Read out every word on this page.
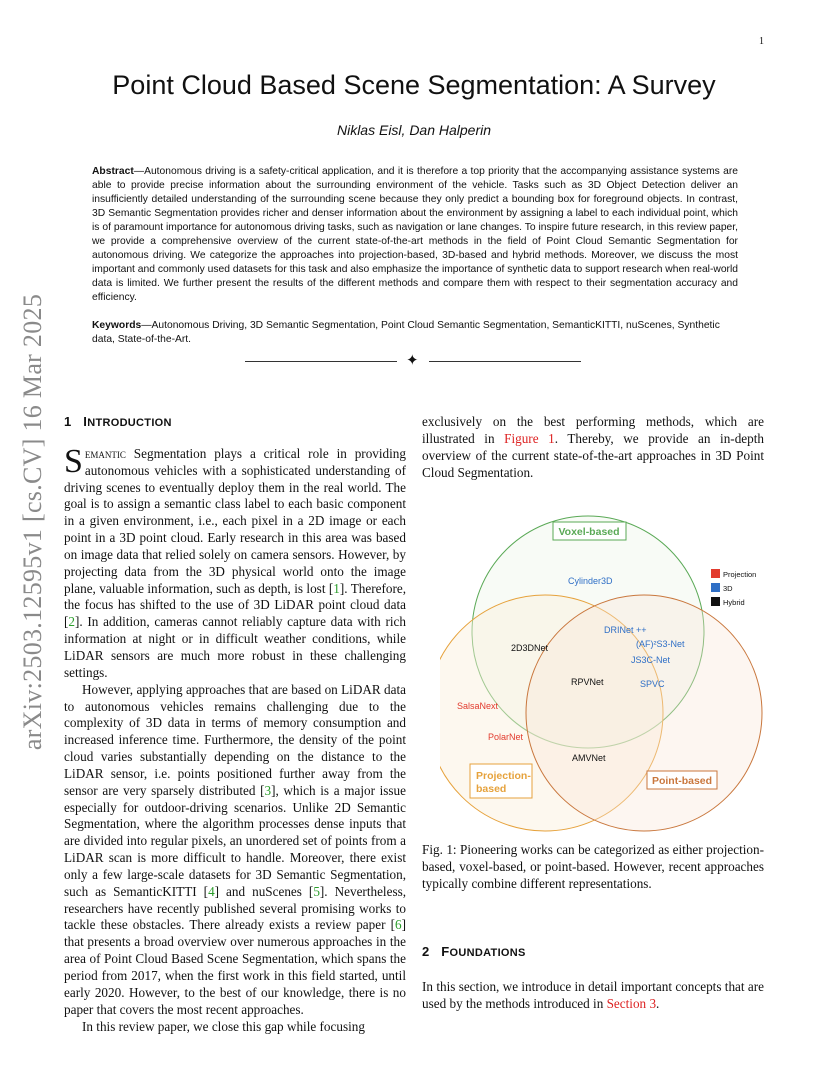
1
arXiv:2503.12595v1 [cs.CV] 16 Mar 2025
Point Cloud Based Scene Segmentation: A Survey
Niklas Eisl, Dan Halperin
Abstract—Autonomous driving is a safety-critical application, and it is therefore a top priority that the accompanying assistance systems are able to provide precise information about the surrounding environment of the vehicle. Tasks such as 3D Object Detection deliver an insufficiently detailed understanding of the surrounding scene because they only predict a bounding box for foreground objects. In contrast, 3D Semantic Segmentation provides richer and denser information about the environment by assigning a label to each individual point, which is of paramount importance for autonomous driving tasks, such as navigation or lane changes. To inspire future research, in this review paper, we provide a comprehensive overview of the current state-of-the-art methods in the field of Point Cloud Semantic Segmentation for autonomous driving. We categorize the approaches into projection-based, 3D-based and hybrid methods. Moreover, we discuss the most important and commonly used datasets for this task and also emphasize the importance of synthetic data to support research when real-world data is limited. We further present the results of the different methods and compare them with respect to their segmentation accuracy and efficiency.
Keywords—Autonomous Driving, 3D Semantic Segmentation, Point Cloud Semantic Segmentation, SemanticKITTI, nuScenes, Synthetic data, State-of-the-Art.
✦
1 INTRODUCTION

Semantic Segmentation plays a critical role in providing autonomous vehicles with a sophisticated understanding of driving scenes to eventually deploy them in the real world. The goal is to assign a semantic class label to each basic component in a given environment, i.e., each pixel in a 2D image or each point in a 3D point cloud. Early research in this area was based on image data that relied solely on camera sensors. However, by projecting data from the 3D physical world onto the image plane, valuable information, such as depth, is lost [1]. Therefore, the focus has shifted to the use of 3D LiDAR point cloud data [2]. In addition, cameras cannot reliably capture data with rich information at night or in difficult weather conditions, while LiDAR sensors are much more robust in these challenging settings.

However, applying approaches that are based on LiDAR data to autonomous vehicles remains challenging due to the complexity of 3D data in terms of memory consumption and increased inference time. Furthermore, the density of the point cloud varies substantially depending on the distance to the LiDAR sensor, i.e. points positioned further away from the sensor are very sparsely distributed [3], which is a major issue especially for outdoor-driving scenarios. Unlike 2D Semantic Segmentation, where the algorithm processes dense inputs that are divided into regular pixels, an unordered set of points from a LiDAR scan is more difficult to handle. Moreover, there exist only a few large-scale datasets for 3D Semantic Segmentation, such as SemanticKITTI [4] and nuScenes [5]. Nevertheless, researchers have recently published several promising works to tackle these obstacles. There already exists a review paper [6] that presents a broad overview over numerous approaches in the area of Point Cloud Based Scene Segmentation, which spans the period from 2017, when the first work in this field started, until early 2020. However, to the best of our knowledge, there is no paper that covers the most recent approaches.

In this review paper, we close this gap while focusing

exclusively on the best performing methods, which are illustrated in Figure 1. Thereby, we provide an in-depth overview of the current state-of-the-art approaches in 3D Point Cloud Segmentation.
Voxel-based
Projection-based
Point-based
Cylinder3D
DRINet ++
(AF)²S3-Net
JS3C-Net
2D3DNet
RPVNet	SPVC
SalsaNext
PolarNet
AMVNet
Projection
3D
Hybrid
Fig. 1: Pioneering works can be categorized as either projection-based, voxel-based, or point-based. However, recent approaches typically combine different representations.
2 FOUNDATIONS
In this section, we introduce in detail important concepts that are used by the methods introduced in Section 3.
